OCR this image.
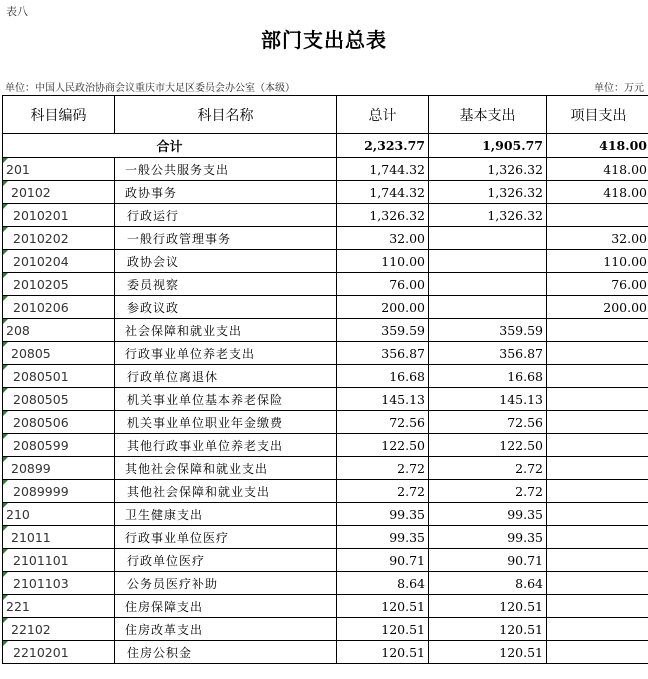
表八
部门支出总表
单位：中国人民政治协商会议重庆市大足区委员会办公室（本级）	单位：万元
科目编码	科目名称	总计	基本支出	项目支出
合计		2,323.77	1,905.77	418.00
201	一般公共服务支出	1,744.32	1,326.32	418.00
20102	政协事务	1,744.32	1,326.32	418.00
2010201	行政运行	1,326.32	1,326.32	
2010202	一般行政管理事务	32.00		32.00
2010204	政协会议	110.00		110.00
2010205	委员视察	76.00		76.00
2010206	参政议政	200.00		200.00
208	社会保障和就业支出	359.59	359.59	
20805	行政事业单位养老支出	356.87	356.87	
2080501	行政单位离退休	16.68	16.68	
2080505	机关事业单位基本养老保险	145.13	145.13	
2080506	机关事业单位职业年金缴费	72.56	72.56	
2080599	其他行政事业单位养老支出	122.50	122.50	
20899	其他社会保障和就业支出	2.72	2.72	
2089999	其他社会保障和就业支出	2.72	2.72	
210	卫生健康支出	99.35	99.35	
21011	行政事业单位医疗	99.35	99.35	
2101101	行政单位医疗	90.71	90.71	
2101103	公务员医疗补助	8.64	8.64	
221	住房保障支出	120.51	120.51	
22102	住房改革支出	120.51	120.51	
2210201	住房公积金	120.51	120.51	
